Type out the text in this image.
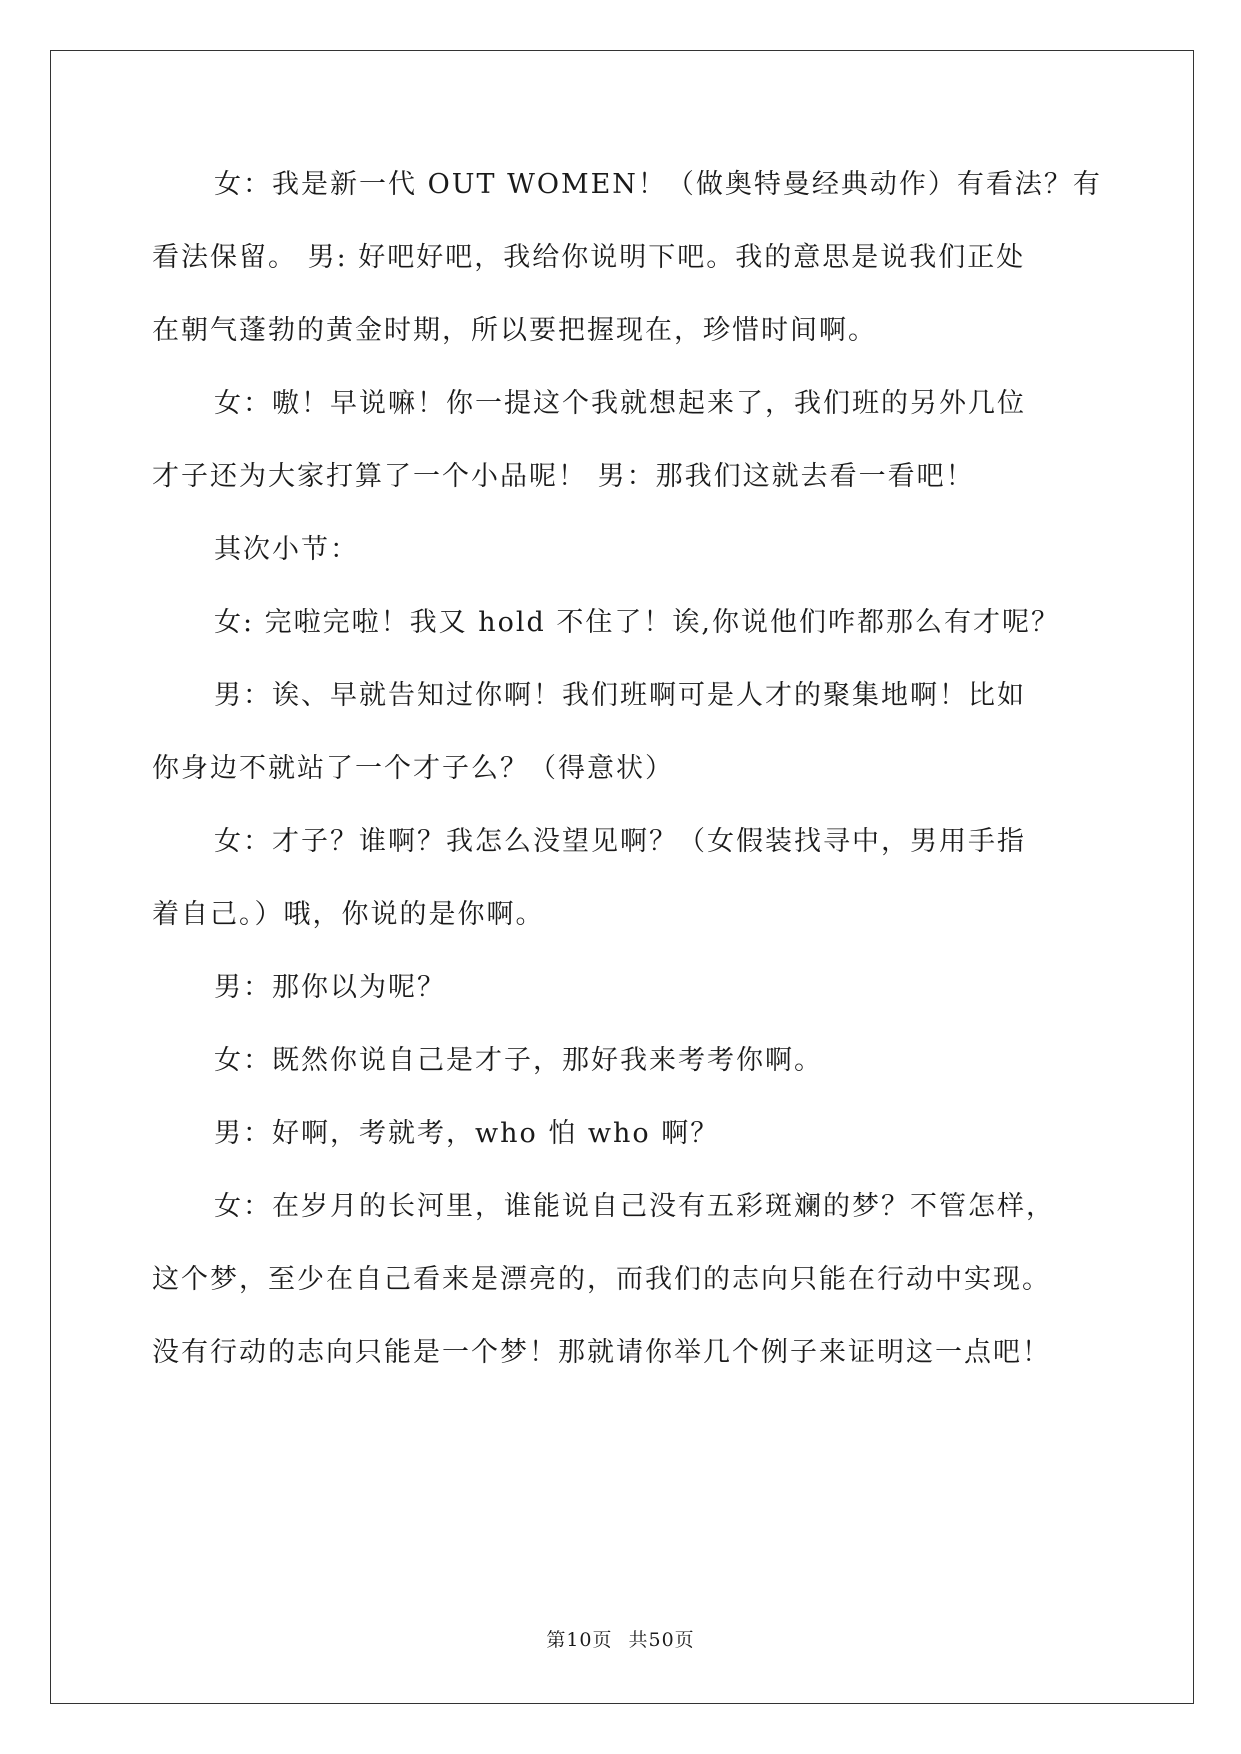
女：我是新一代 OUT WOMEN！（做奥特曼经典动作）有看法？有
看法保留。 男: 好吧好吧，我给你说明下吧。我的意思是说我们正处
在朝气蓬勃的黄金时期，所以要把握现在，珍惜时间啊。
女：嗷！早说嘛！你一提这个我就想起来了，我们班的另外几位
才子还为大家打算了一个小品呢！ 男：那我们这就去看一看吧！
其次小节：
女: 完啦完啦！我又 hold 不住了！诶,你说他们咋都那么有才呢？
男：诶、早就告知过你啊！我们班啊可是人才的聚集地啊！比如
你身边不就站了一个才子么？（得意状）
女：才子？谁啊？我怎么没望见啊？（女假装找寻中，男用手指
着自己。）哦，你说的是你啊。
男：那你以为呢？
女：既然你说自己是才子，那好我来考考你啊。
男：好啊，考就考，who 怕 who 啊？
女：在岁月的长河里，谁能说自己没有五彩斑斓的梦？不管怎样，
这个梦，至少在自己看来是漂亮的，而我们的志向只能在行动中实现。
没有行动的志向只能是一个梦！那就请你举几个例子来证明这一点吧！
第10页 共50页
